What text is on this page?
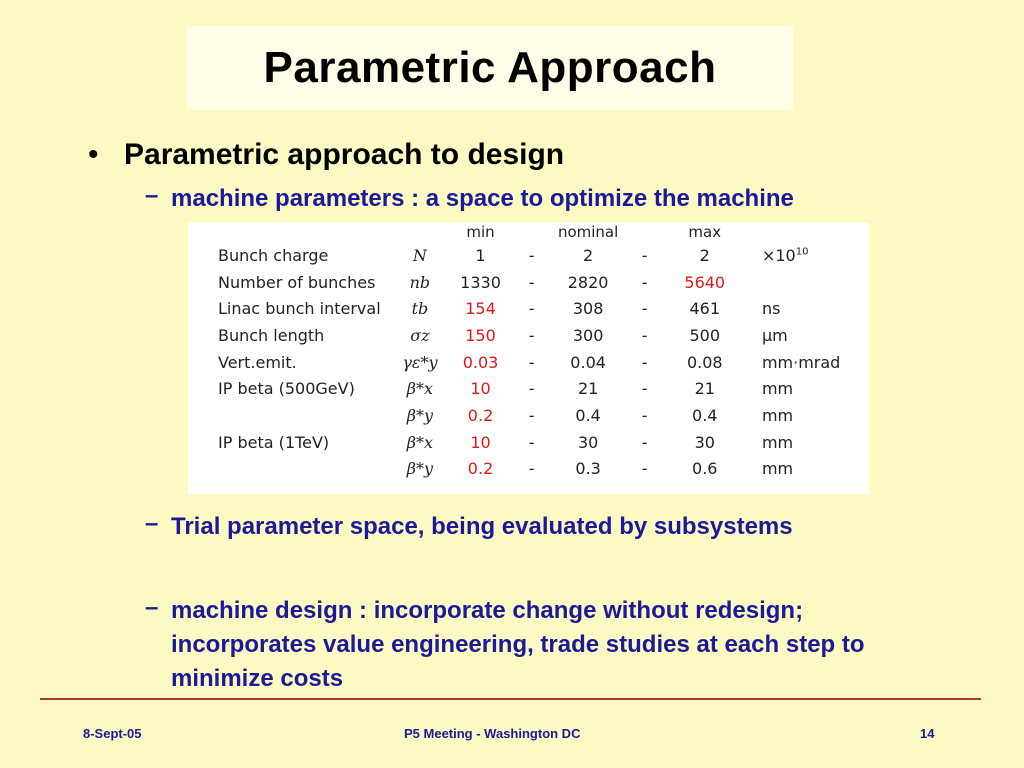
Parametric Approach
• Parametric approach to design
– machine parameters : a space to optimize the machine
		min		nominal		max	
Bunch charge	N	1	-	2	-	2	$\times 10^{10}$
Number of bunches	nb	1330	-	2820	-	5640	
Linac bunch interval	tb	154	-	308	-	461	ns
Bunch length	σz	150	-	300	-	500	μm
Vert.emit.	γε*y	0.03	-	0.04	-	0.08	mm·mrad
IP beta (500GeV)	β*x	10	-	21	-	21	mm
	β*y	0.2	-	0.4	-	0.4	mm
IP beta (1TeV)	β*x	10	-	30	-	30	mm
	β*y	0.2	-	0.3	-	0.6	mm
– Trial parameter space, being evaluated by subsystems
– machine design : incorporate change without redesign; incorporates value engineering, trade studies at each step to minimize costs
8-Sept-05	P5 Meeting - Washington DC	14
